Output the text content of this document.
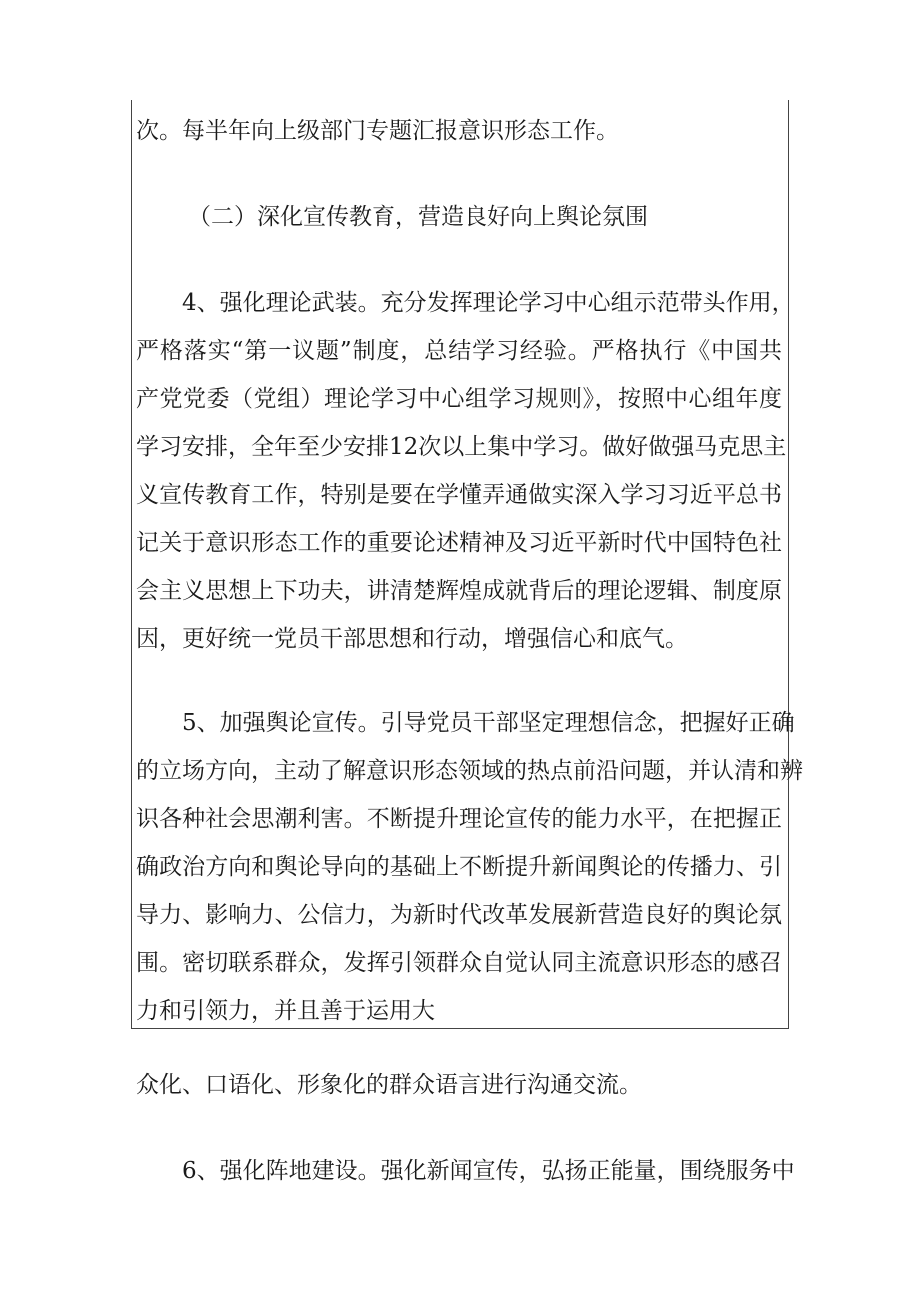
次。每半年向上级部门专题汇报意识形态工作。
（二）深化宣传教育，营造良好向上舆论氛围
4、强化理论武装。充分发挥理论学习中心组示范带头作用，
严格落实“第一议题”制度，总结学习经验。严格执行《中国共
产党党委（党组）理论学习中心组学习规则》，按照中心组年度
学习安排，全年至少安排12次以上集中学习。做好做强马克思主
义宣传教育工作，特别是要在学懂弄通做实深入学习习近平总书
记关于意识形态工作的重要论述精神及习近平新时代中国特色社
会主义思想上下功夫，讲清楚辉煌成就背后的理论逻辑、制度原
因，更好统一党员干部思想和行动，增强信心和底气。
5、加强舆论宣传。引导党员干部坚定理想信念，把握好正确
的立场方向，主动了解意识形态领域的热点前沿问题，并认清和辨
识各种社会思潮利害。不断提升理论宣传的能力水平，在把握正
确政治方向和舆论导向的基础上不断提升新闻舆论的传播力、引
导力、影响力、公信力，为新时代改革发展新营造良好的舆论氛
围。密切联系群众，发挥引领群众自觉认同主流意识形态的感召
力和引领力，并且善于运用大
众化、口语化、形象化的群众语言进行沟通交流。
6、强化阵地建设。强化新闻宣传，弘扬正能量，围绕服务中
